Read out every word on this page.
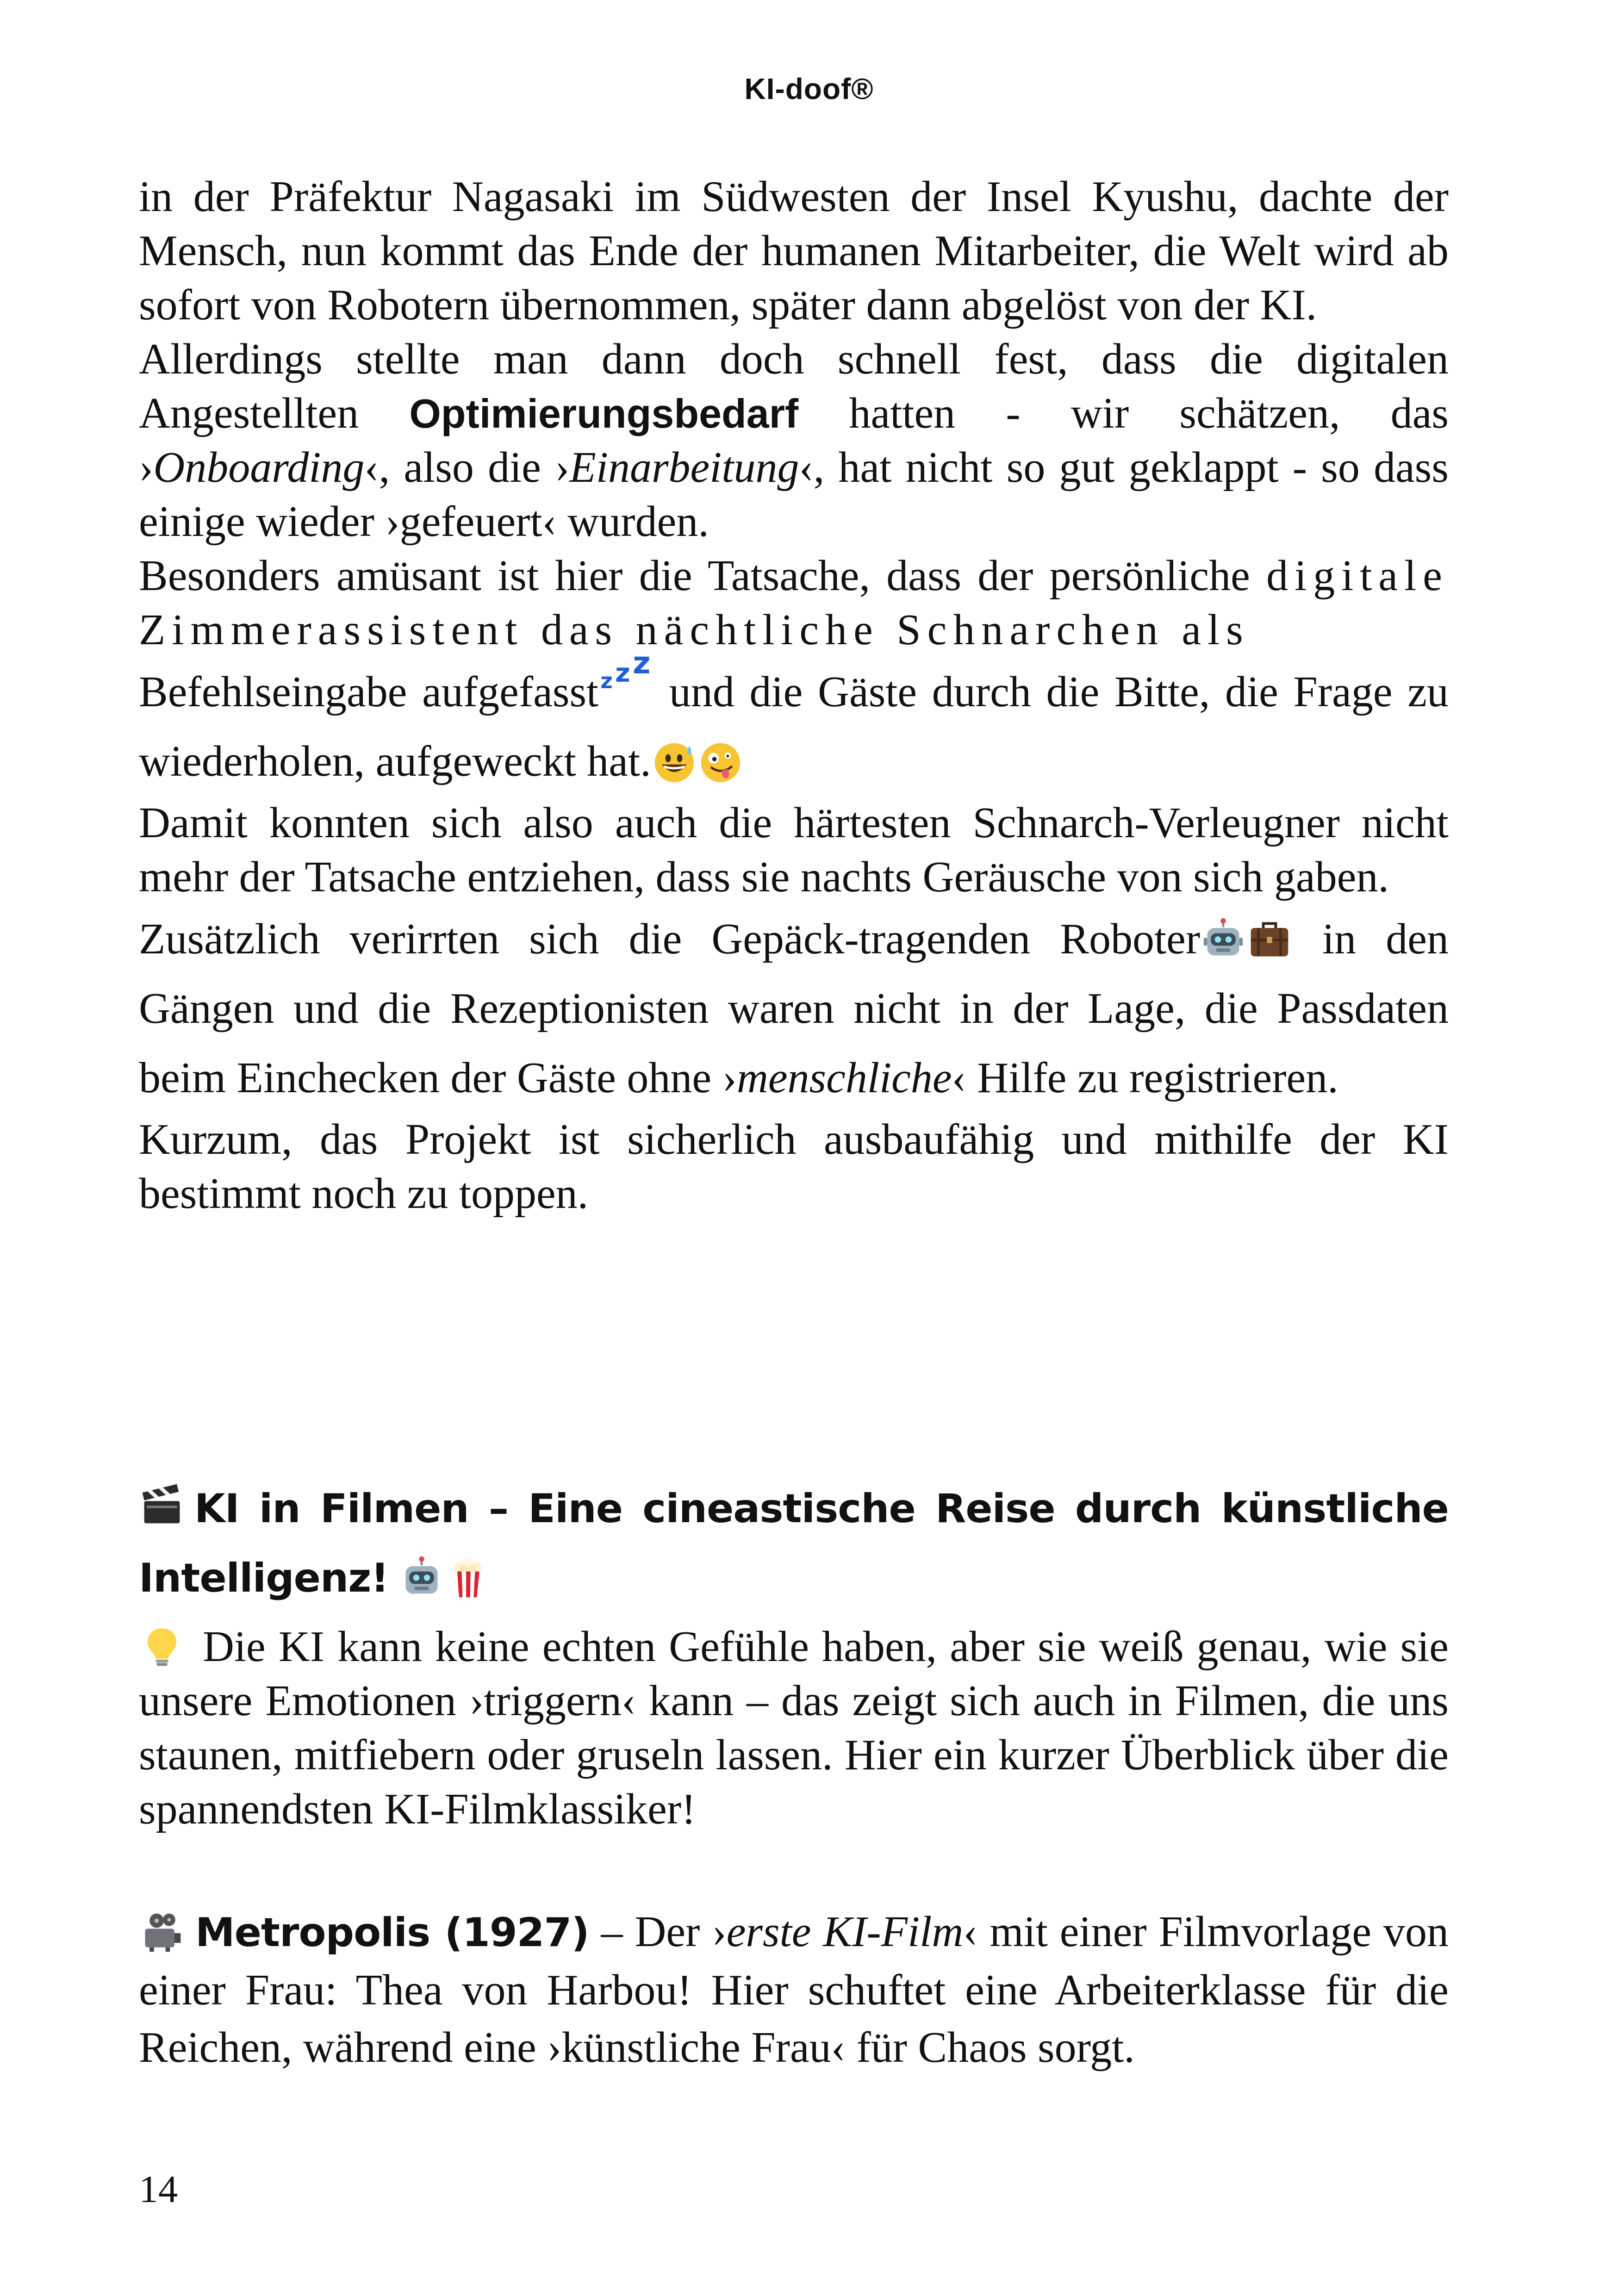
KI-doof®

in der Präfektur Nagasaki im Südwesten der Insel Kyushu, dachte der Mensch, nun kommt das Ende der humanen Mitarbeiter, die Welt wird ab sofort von Robotern übernommen, später dann abgelöst von der KI.

Allerdings stellte man dann doch schnell fest, dass die digitalen Angestellten Optimierungsbedarf hatten - wir schätzen, das ›Onboarding‹, also die ›Einarbeitung‹, hat nicht so gut geklappt - so dass einige wieder ›gefeuert‹ wurden.

Besonders amüsant ist hier die Tatsache, dass der persönliche digitale Zimmerassistent das nächtliche Schnarchen als

Befehlseingabe aufgefasst z z z
und die Gäste durch die Bitte, die Frage zu wiederholen, aufgeweckt hat.

Damit konnten sich also auch die härtesten Schnarch-Verleugner nicht mehr der Tatsache entziehen, dass sie nachts Geräusche von sich gaben.

Zusätzlich verirrten sich die Gepäck-tragenden Roboter in den Gängen und die Rezeptionisten waren nicht in der Lage, die Passdaten beim Einchecken der Gäste ohne ›menschliche‹ Hilfe zu registrieren.

Kurzum, das Projekt ist sicherlich ausbaufähig und mithilfe der KI bestimmt noch zu toppen.

KI in Filmen – Eine cineastische Reise durch künstliche Intelligenz!
Die KI kann keine echten Gefühle haben, aber sie weiß genau, wie sie unsere Emotionen ›triggern‹ kann – das zeigt sich auch in Filmen, die uns staunen, mitfiebern oder gruseln lassen. Hier ein kurzer Überblick über die spannendsten KI-Filmklassiker!
Metropolis (1927) – Der ›erste KI-Film‹ mit einer Filmvorlage von einer Frau: Thea von Harbou! Hier schuftet eine Arbeiterklasse für die Reichen, während eine ›künstliche Frau‹ für Chaos sorgt.
14
